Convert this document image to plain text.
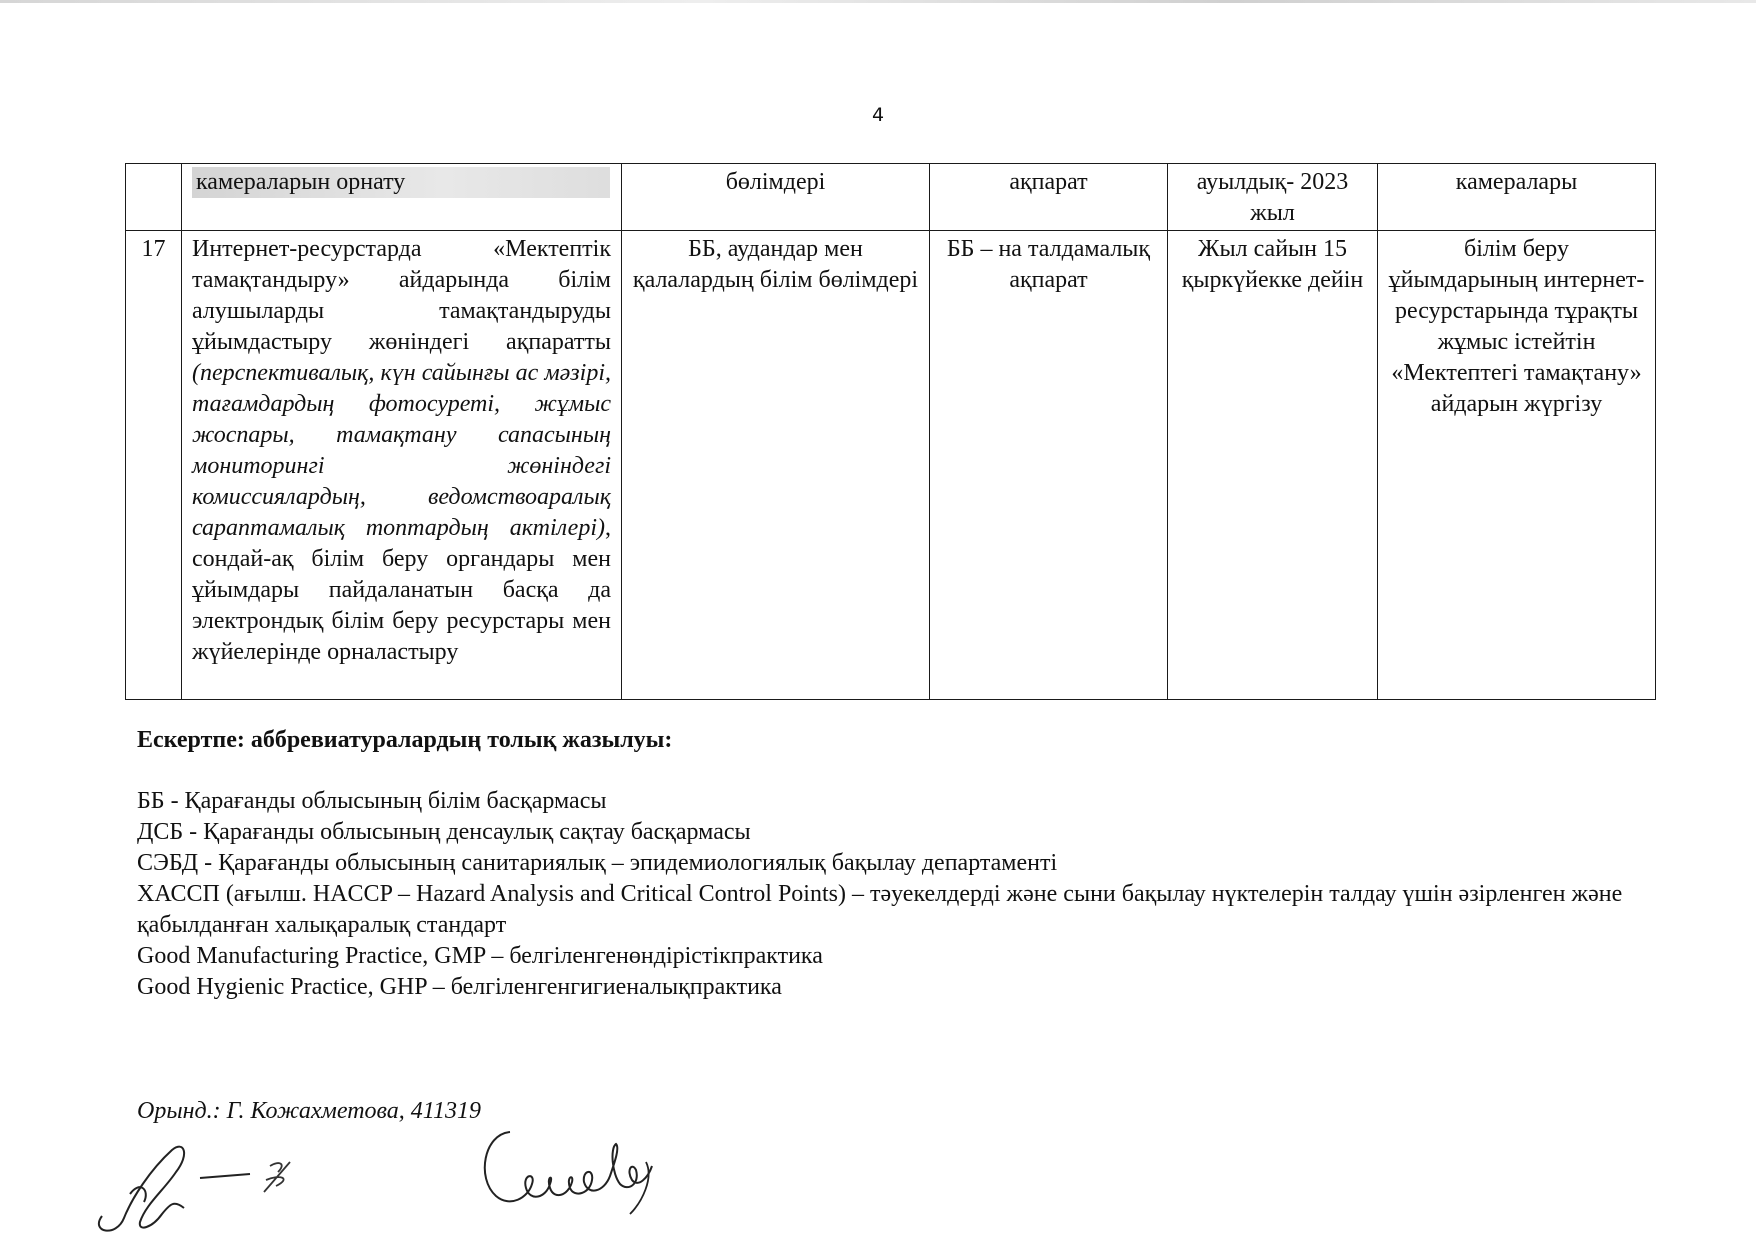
4
	камераларын орнату	бөлімдері	ақпарат	ауылдық- 2023 жыл	камералары
17	Интернет-ресурстарда «Мектептік тамақтандыру» айдарында білім алушыларды тамақтандыруды ұйымдастыру жөніндегі ақпаратты (перспективалық, күн сайынғы ас мәзірі, тағамдардың фотосуреті, жұмыс жоспары, тамақтану сапасының мониторингі жөніндегі комиссиялардың, ведомствоаралық сараптамалық топтардың актілері), сондай-ақ білім беру органдары мен ұйымдары пайдаланатын басқа да электрондық білім беру ресурстары мен жүйелерінде орналастыру	ББ, аудандар мен қалалардың білім бөлімдері	ББ – на талдамалық ақпарат	Жыл сайын 15 қыркүйекке дейін	білім беру ұйымдарының интернет-ресурстарында тұрақты жұмыс істейтін «Мектептегі тамақтану» айдарын жүргізу
Ескертпе: аббревиатуралардың толық жазылуы:
ББ - Қарағанды облысының білім басқармасы
ДСБ - Қарағанды облысының денсаулық сақтау басқармасы
СЭБД - Қарағанды облысының санитариялық – эпидемиологиялық бақылау департаменті
ХАССП (ағылш. HACCP – Hazard Analysis and Critical Control Points) – тәуекелдерді және сыни бақылау нүктелерін талдау үшін әзірленген және қабылданған халықаралық стандарт
Good Manufacturing Practice, GMP – белгіленгенөндірістікпрактика
Good Hygienic Practice, GHP – белгіленгенгигиеналықпрактика
Орынд.: Г. Кожахметова, 411319
